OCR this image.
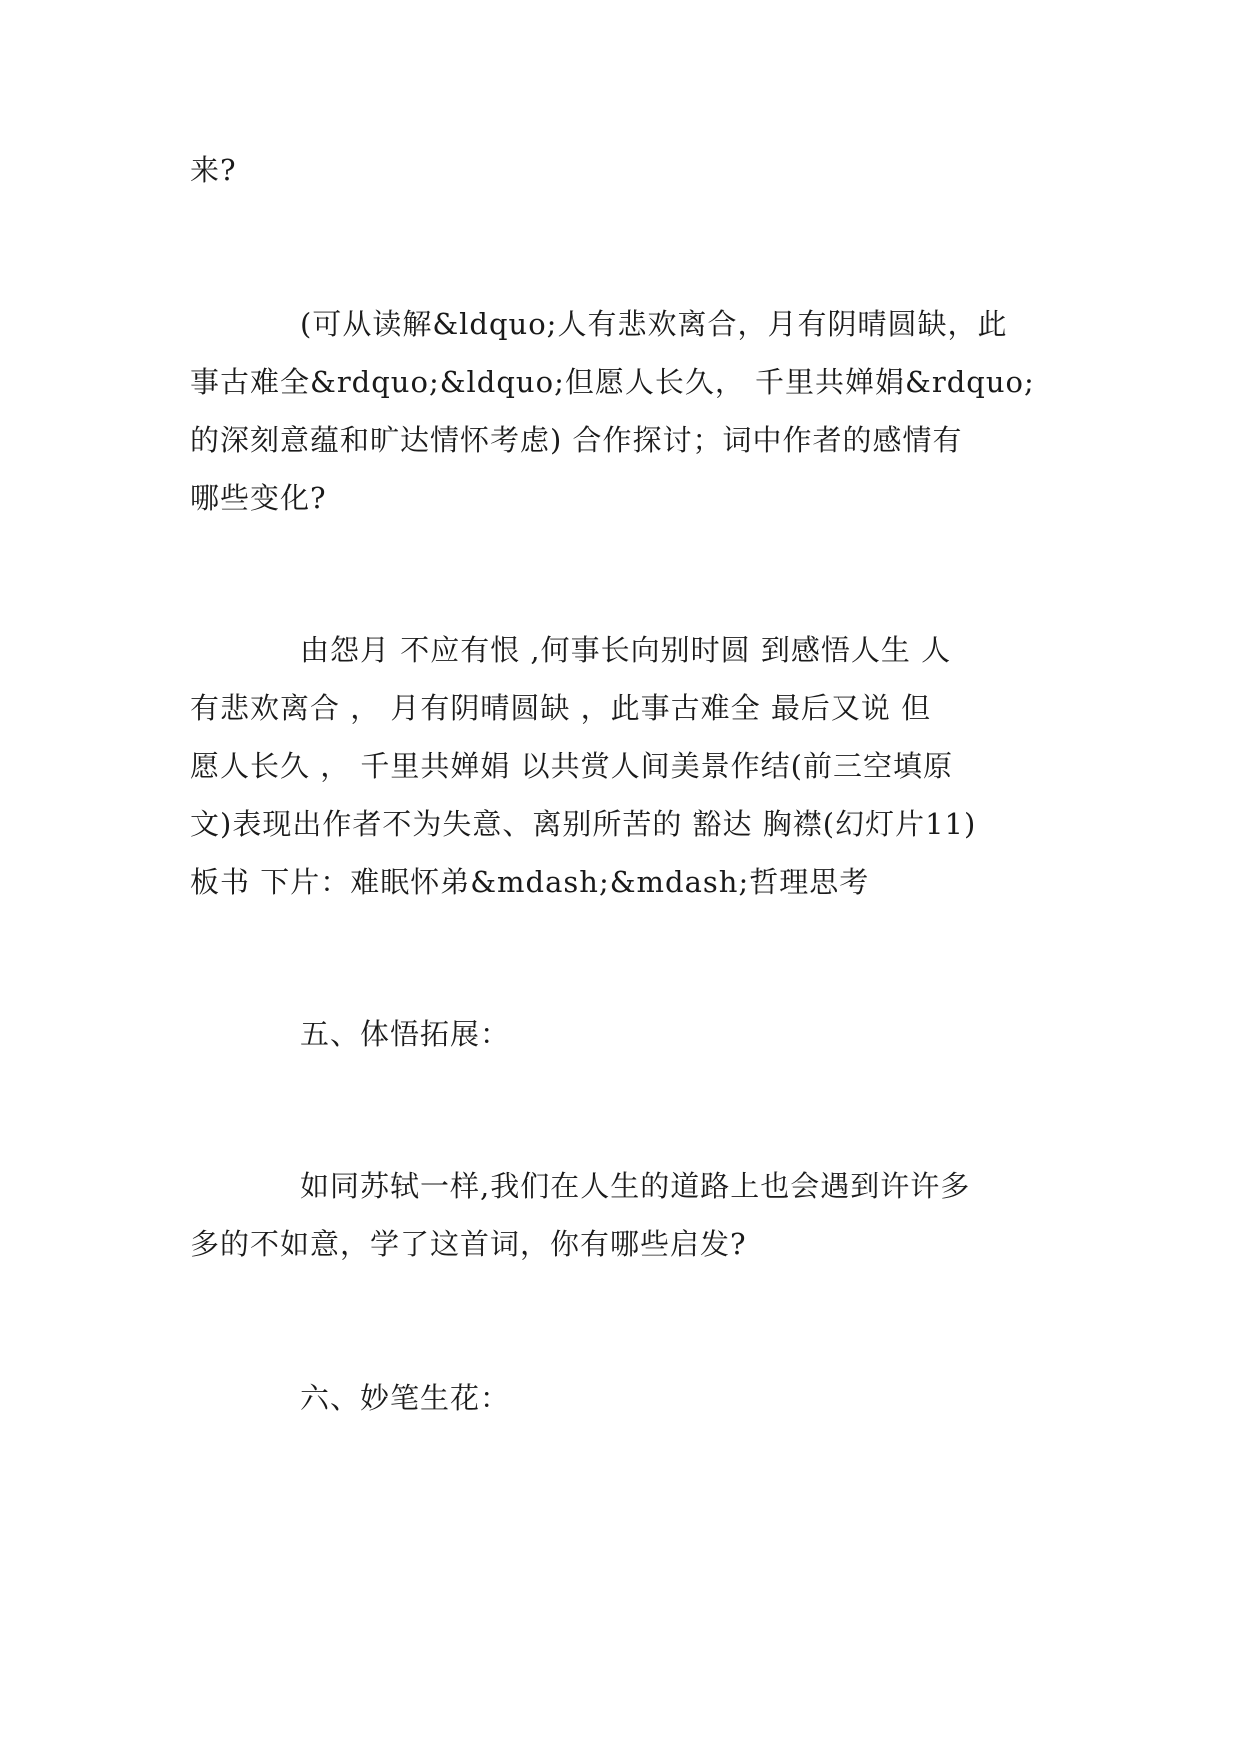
来?
(可从读解&ldquo;人有悲欢离合，月有阴晴圆缺，此
事古难全&rdquo;&ldquo;但愿人长久， 千里共婵娟&rdquo;
的深刻意蕴和旷达情怀考虑) 合作探讨；词中作者的感情有
哪些变化?
由怨月 不应有恨 ,何事长向别时圆 到感悟人生 人
有悲欢离合 ， 月有阴晴圆缺 ，此事古难全 最后又说 但
愿人长久 ， 千里共婵娟 以共赏人间美景作结(前三空填原
文)表现出作者不为失意、离别所苦的 豁达 胸襟(幻灯片11)
板书 下片：难眠怀弟&mdash;&mdash;哲理思考
五、体悟拓展：
如同苏轼一样,我们在人生的道路上也会遇到许许多
多的不如意，学了这首词，你有哪些启发?
六、妙笔生花：
